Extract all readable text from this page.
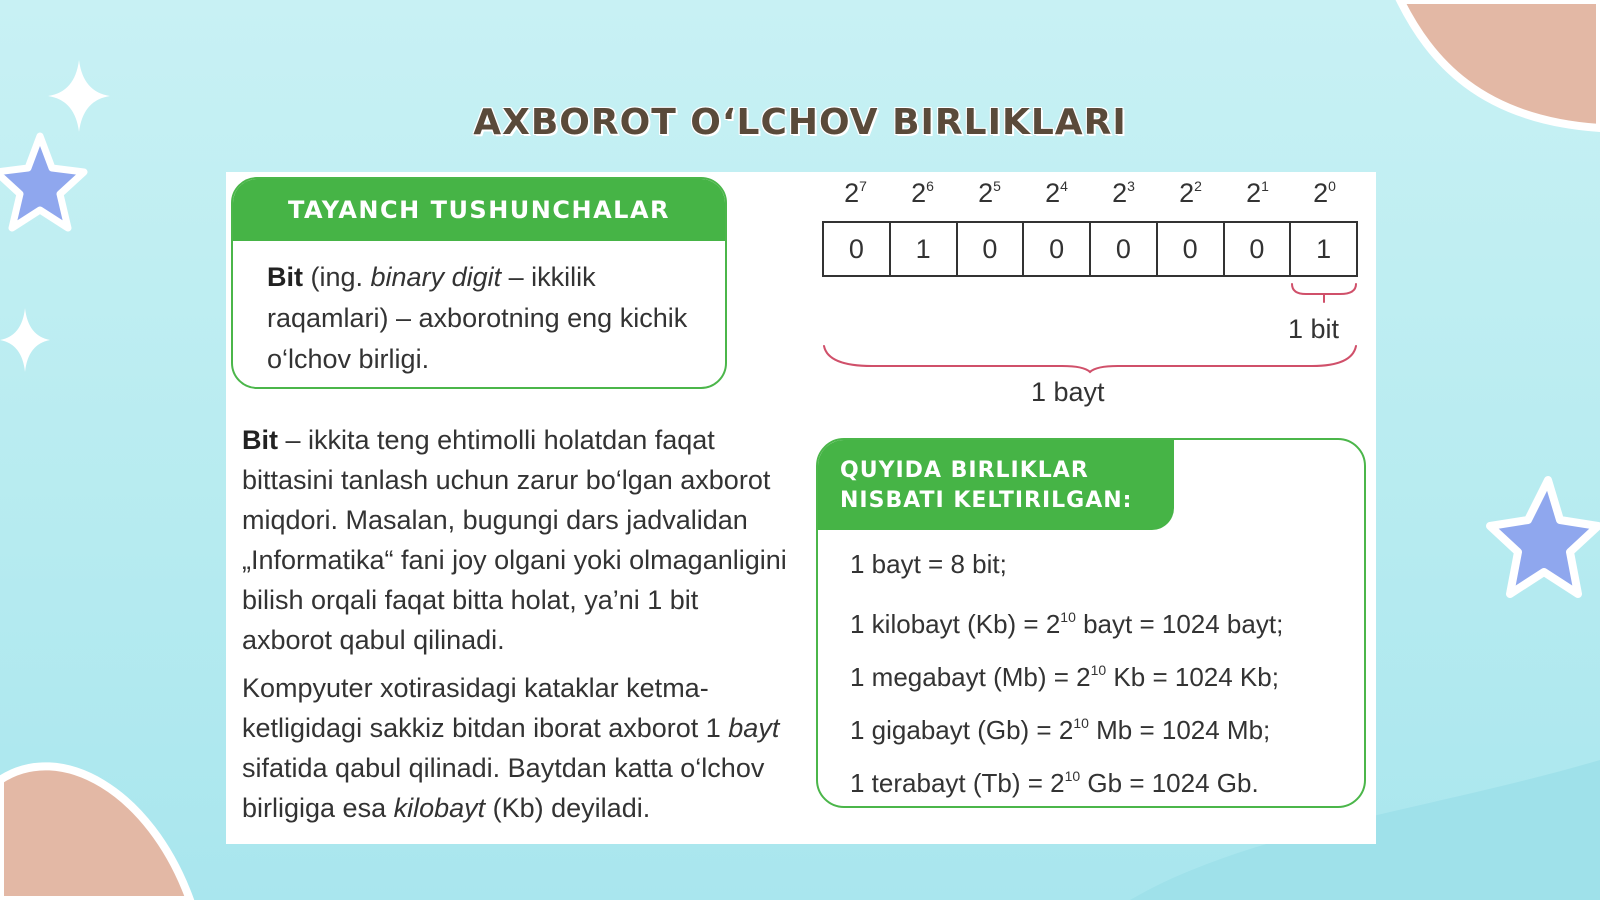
AXBOROT O‘LCHOV BIRLIKLARI
TAYANCH TUSHUNCHALAR
Bit (ing. binary digit – ikkilik raqamlari) – axborotning eng kichik o‘lchov birligi.

Bit – ikkita teng ehtimolli holatdan faqat bittasini tanlash uchun zarur bo‘lgan axborot miqdori. Masalan, bugungi dars jadvalidan „Informatika“ fani joy olgani yoki olmaganligini bilish orqali faqat bitta holat, ya’ni 1 bit axborot qabul qilinadi.

Kompyuter xotirasidagi kataklar ketma-ketligidagi sakkiz bitdan iborat axborot 1 bayt sifatida qabul qilinadi. Baytdan katta o‘lchov birligiga esa kilobayt (Kb) deyiladi.

$2^7$	$2^6$	$2^5$	$2^4$	$2^3$	$2^2$	$2^1$	$2^0$
0	1	0	0	0	0	0	1
1 bit
1 bayt
QUYIDA BIRLIKLAR
NISBATI KELTIRILGAN:
1 bayt = 8 bit;
1 kilobayt $(Kb) = 2^{10}$ bayt = 1024 bayt;
1 megabayt $(Mb) = 2^{10}$ Kb = 1024 Kb;
1 gigabayt $(Gb) = 2^{10}$ Mb = 1024 Mb;
1 terabayt $(Tb) = 2^{10}$ Gb = 1024 Gb.
